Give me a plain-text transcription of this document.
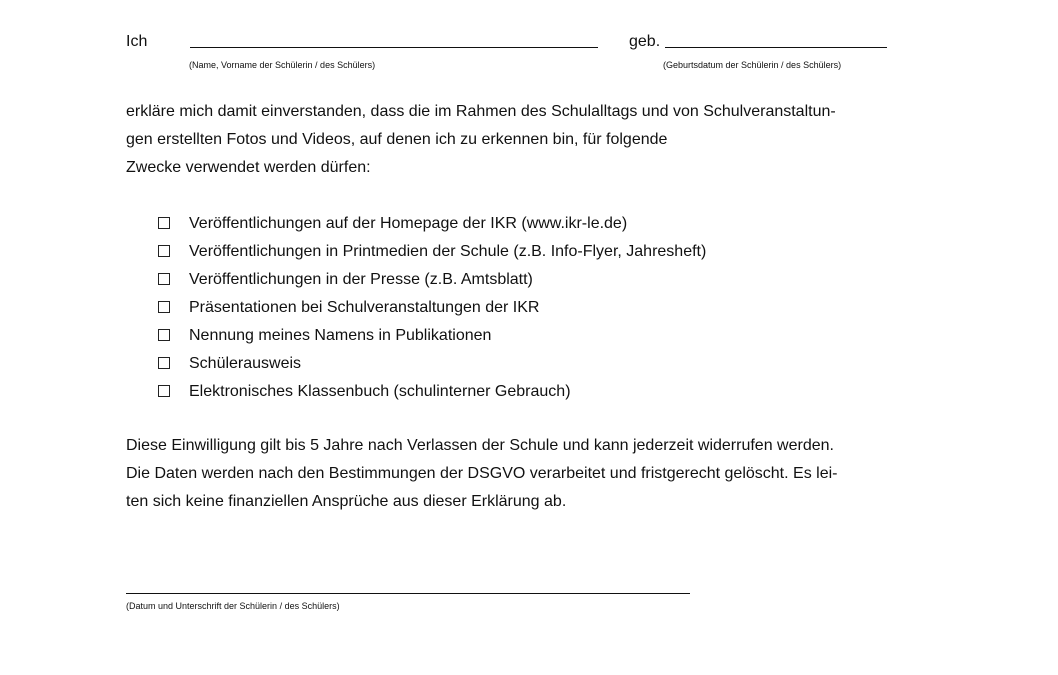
Ich
(Name, Vorname der Schülerin / des Schülers)
geb.
(Geburtsdatum der Schülerin / des Schülers)
erkläre mich damit einverstanden, dass die im Rahmen des Schulalltags und von Schulveranstaltun-
gen erstellten Fotos und Videos, auf denen ich zu erkennen bin, für folgende
Zwecke verwendet werden dürfen:
Veröffentlichungen auf der Homepage der IKR (www.ikr-le.de)
Veröffentlichungen in Printmedien der Schule (z.B. Info-Flyer, Jahresheft)
Veröffentlichungen in der Presse (z.B. Amtsblatt)
Präsentationen bei Schulveranstaltungen der IKR
Nennung meines Namens in Publikationen
Schülerausweis
Elektronisches Klassenbuch (schulinterner Gebrauch)
Diese Einwilligung gilt bis 5 Jahre nach Verlassen der Schule und kann jederzeit widerrufen werden.
Die Daten werden nach den Bestimmungen der DSGVO verarbeitet und fristgerecht gelöscht. Es lei-
ten sich keine finanziellen Ansprüche aus dieser Erklärung ab.
(Datum und Unterschrift der Schülerin / des Schülers)
